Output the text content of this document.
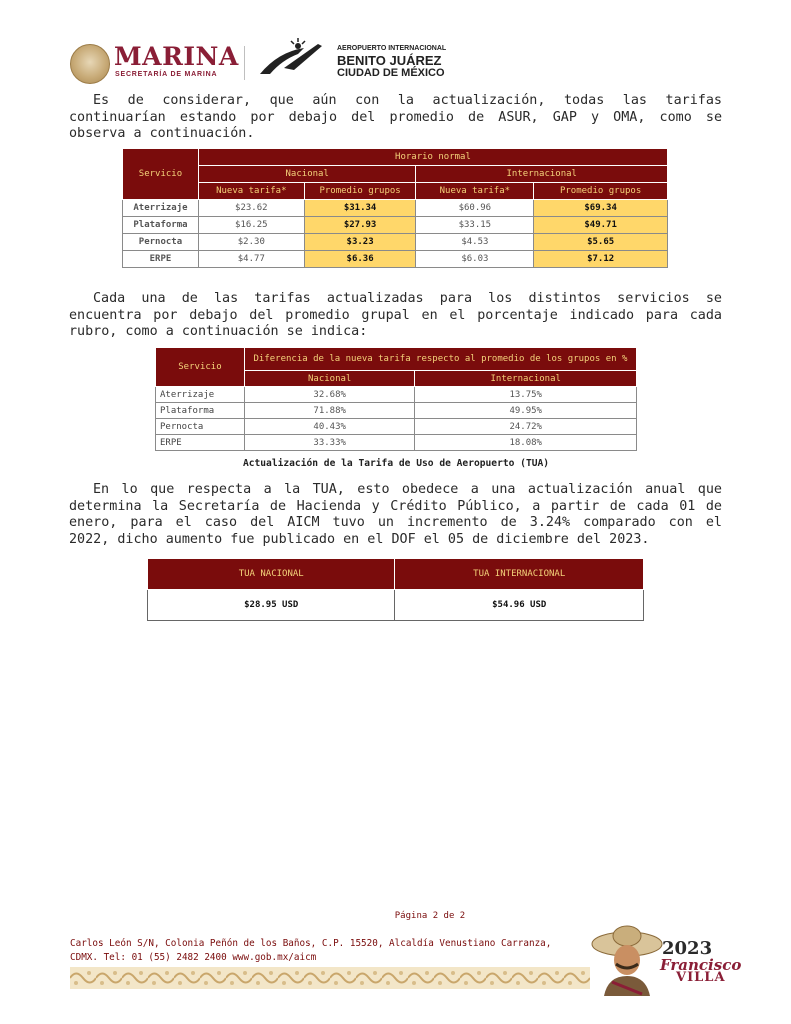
MARINA
SECRETARÍA DE MARINA
AEROPUERTO INTERNACIONAL
BENITO JUÁREZ
CIUDAD DE MÉXICO
Es de considerar, que aún con la actualización, todas las tarifas
continuarían estando por debajo del promedio de ASUR, GAP y OMA, como se
observa a continuación.
Servicio	Horario normal			
	Nacional		Internacional	
	Nueva tarifa*	Promedio grupos	Nueva tarifa*	Promedio grupos
Aterrizaje	$23.62	$31.34	$60.96	$69.34
Plataforma	$16.25	$27.93	$33.15	$49.71
Pernocta	$2.30	$3.23	$4.53	$5.65
ERPE	$4.77	$6.36	$6.03	$7.12
Cada una de las tarifas actualizadas para los distintos servicios se
encuentra por debajo del promedio grupal en el porcentaje indicado para cada
rubro, como a continuación se indica:
Servicio	Diferencia de la nueva tarifa respecto al promedio de los grupos en %	
	Nacional	Internacional
Aterrizaje	32.68%	13.75%
Plataforma	71.88%	49.95%
Pernocta	40.43%	24.72%
ERPE	33.33%	18.08%
Actualización de la Tarifa de Uso de Aeropuerto (TUA)
En lo que respecta a la TUA, esto obedece a una actualización anual que
determina la Secretaría de Hacienda y Crédito Público, a partir de cada 01 de
enero, para el caso del AICM tuvo un incremento de 3.24% comparado con el
2022, dicho aumento fue publicado en el DOF el 05 de diciembre del 2023.
TUA NACIONAL	TUA INTERNACIONAL
$28.95 USD	$54.96 USD
Página 2 de 2
Carlos León S/N, Colonia Peñón de los Baños, C.P. 15520, Alcaldía Venustiano Carranza,
CDMX. Tel: 01 (55) 2482 2400 www.gob.mx/aicm	2023
Francisco
VILLA
